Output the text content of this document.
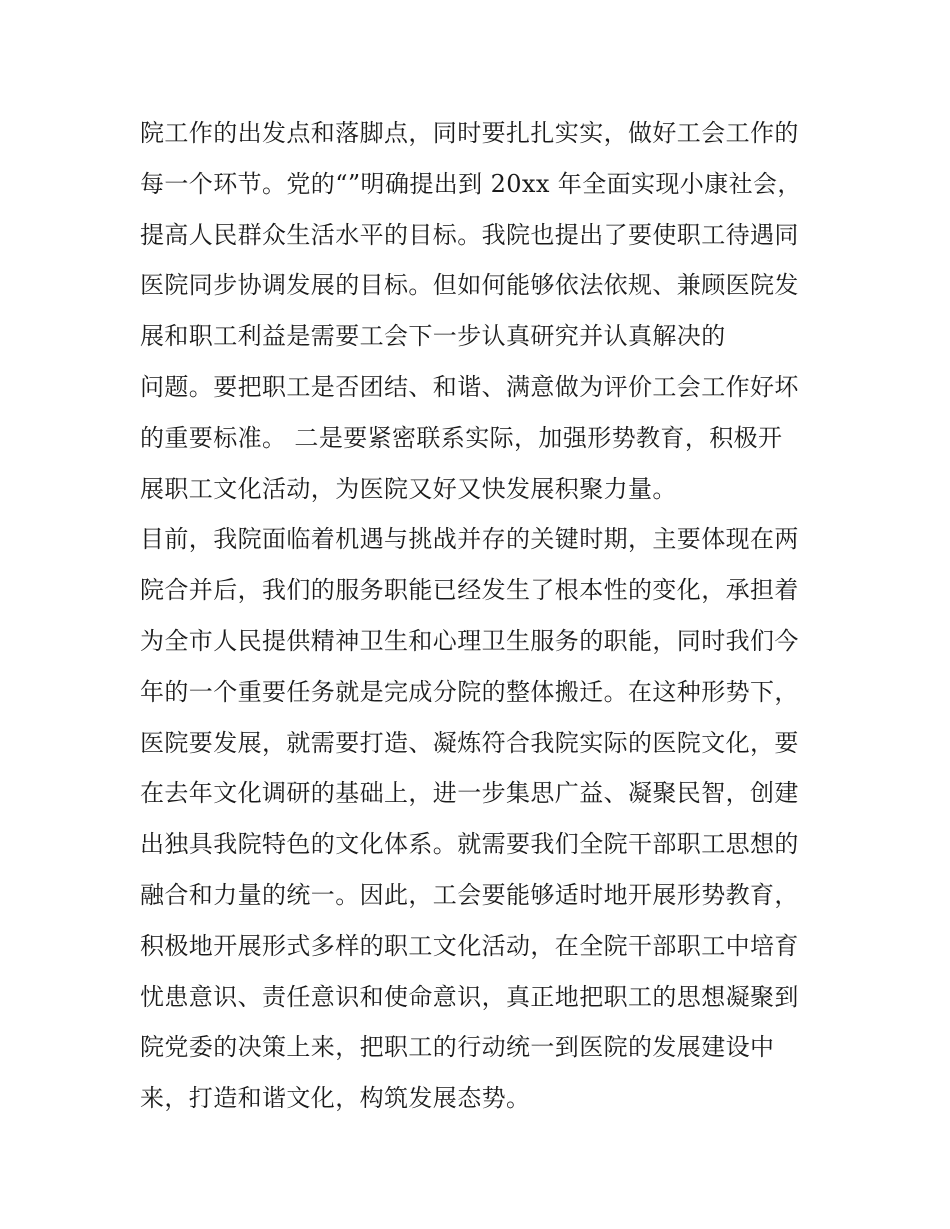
院工作的出发点和落脚点，同时要扎扎实实，做好工会工作的
每一个环节。党的“”明确提出到 20xx 年全面实现小康社会，
提高人民群众生活水平的目标。我院也提出了要使职工待遇同
医院同步协调发展的目标。但如何能够依法依规、兼顾医院发
展和职工利益是需要工会下一步认真研究并认真解决的
问题。要把职工是否团结、和谐、满意做为评价工会工作好坏
的重要标准。 二是要紧密联系实际，加强形势教育，积极开
展职工文化活动，为医院又好又快发展积聚力量。
目前，我院面临着机遇与挑战并存的关键时期，主要体现在两
院合并后，我们的服务职能已经发生了根本性的变化，承担着
为全市人民提供精神卫生和心理卫生服务的职能，同时我们今
年的一个重要任务就是完成分院的整体搬迁。在这种形势下，
医院要发展，就需要打造、凝炼符合我院实际的医院文化，要
在去年文化调研的基础上，进一步集思广益、凝聚民智，创建
出独具我院特色的文化体系。就需要我们全院干部职工思想的
融合和力量的统一。因此，工会要能够适时地开展形势教育，
积极地开展形式多样的职工文化活动，在全院干部职工中培育
忧患意识、责任意识和使命意识，真正地把职工的思想凝聚到
院党委的决策上来，把职工的行动统一到医院的发展建设中
来，打造和谐文化，构筑发展态势。
